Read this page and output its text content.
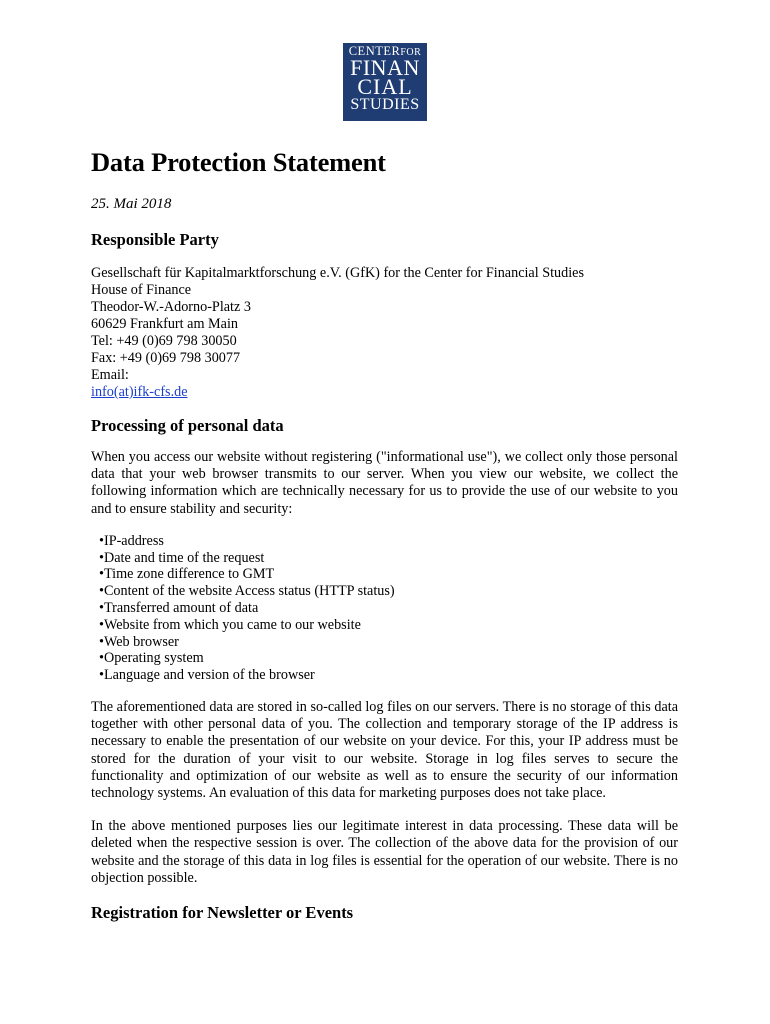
CENTERFOR
FINAN
CIAL
STUDIES
Data Protection Statement
25. Mai 2018
Responsible Party
Gesellschaft für Kapitalmarktforschung e.V. (GfK) for the Center for Financial Studies
House of Finance
Theodor-W.-Adorno-Platz 3
60629 Frankfurt am Main
Tel: +49 (0)69 798 30050
Fax: +49 (0)69 798 30077
Email:
info(at)ifk-cfs.de
Processing of personal data

When you access our website without registering ("informational use"), we collect only those personal data that your web browser transmits to our server. When you view our website, we collect the following information which are technically necessary for us to provide the use of our website to you and to ensure stability and security:

• IP-address
• Date and time of the request
• Time zone difference to GMT
• Content of the website Access status (HTTP status)
• Transferred amount of data
• Website from which you came to our website
• Web browser
• Operating system
• Language and version of the browser

The aforementioned data are stored in so-called log files on our servers. There is no storage of this data together with other personal data of you. The collection and temporary storage of the IP address is necessary to enable the presentation of our website on your device. For this, your IP address must be stored for the duration of your visit to our website. Storage in log files serves to secure the functionality and optimization of our website as well as to ensure the security of our information technology systems. An evaluation of this data for marketing purposes does not take place.

In the above mentioned purposes lies our legitimate interest in data processing. These data will be deleted when the respective session is over. The collection of the above data for the provision of our website and the storage of this data in log files is essential for the operation of our website. There is no objection possible.

Registration for Newsletter or Events
